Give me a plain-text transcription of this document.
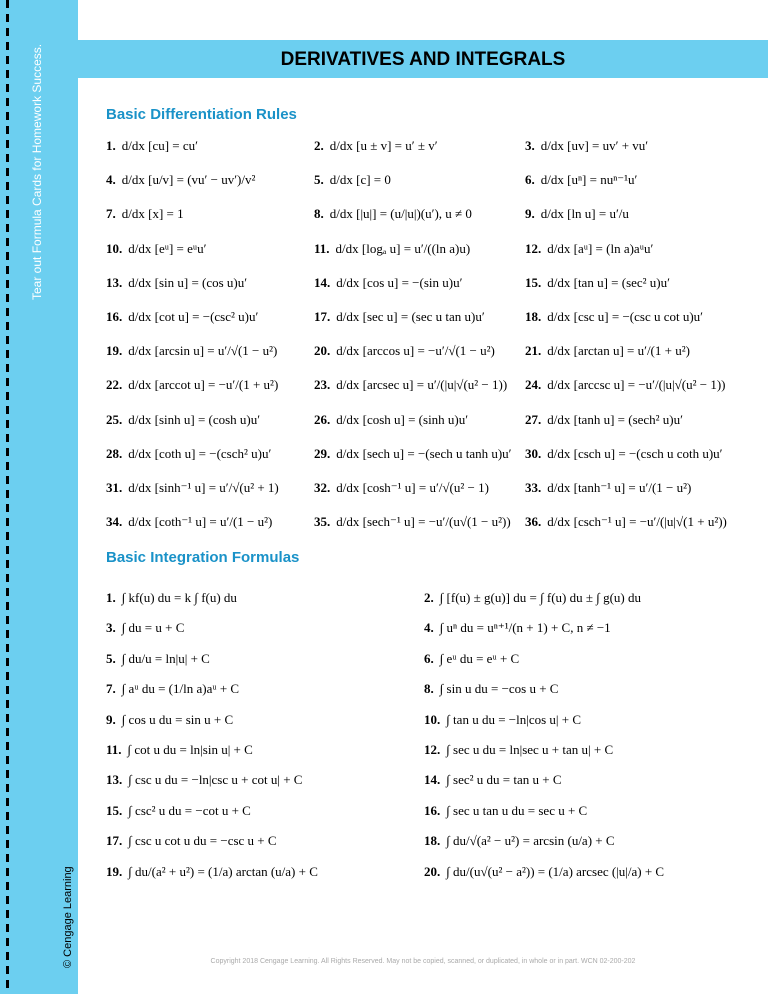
Tear out Formula Cards for Homework Success.	DERIVATIVES AND INTEGRALS
Basic Differentiation Rules
1. d/dx [cu] = cu′	2. d/dx [u ± v] = u′ ± v′	3. d/dx [uv] = uv′ + vu′
4. d/dx [u/v] = (vu′ − uv′)/v²	5. d/dx [c] = 0	6. d/dx [uⁿ] = nuⁿ⁻¹u′
7. d/dx [x] = 1	8. d/dx [|u|] = (u/|u|)(u′), u ≠ 0	9. d/dx [ln u] = u′/u
10. d/dx [eᵘ] = eᵘu′	11. d/dx [logₐ u] = u′/((ln a)u)	12. d/dx [aᵘ] = (ln a)aᵘu′
13. d/dx [sin u] = (cos u)u′	14. d/dx [cos u] = −(sin u)u′	15. d/dx [tan u] = (sec² u)u′
16. d/dx [cot u] = −(csc² u)u′	17. d/dx [sec u] = (sec u tan u)u′	18. d/dx [csc u] = −(csc u cot u)u′
19. d/dx [arcsin u] = u′/√(1 − u²)	20. d/dx [arccos u] = −u′/√(1 − u²) 21. d/dx [arctan u] = u′/(1 + u²)
22. d/dx [arccot u] = −u′/(1 + u²)	23. d/dx [arcsec u] = u′/(|u|√(u² − 1)) 24. d/dx [arccsc u] = −u′/(|u|√(u² − 1))
25. d/dx [sinh u] = (cosh u)u′	26. d/dx [cosh u] = (sinh u)u′	27. d/dx [tanh u] = (sech² u)u′
28. d/dx [coth u] = −(csch² u)u′	29. d/dx [sech u] = −(sech u tanh u)u′ 30. d/dx [csch u] = −(csch u coth u)u′
31. d/dx [sinh⁻¹ u] = u′/√(u² + 1)	32. d/dx [cosh⁻¹ u] = u′/√(u² − 1)	33. d/dx [tanh⁻¹ u] = u′/(1 − u²)
34. d/dx [coth⁻¹ u] = u′/(1 − u²)	35. d/dx [sech⁻¹ u] = −u′/(u√(1 − u²)) 36. d/dx [csch⁻¹ u] = −u′/(|u|√(1 + u²))
Basic Integration Formulas
1. ∫ kf(u) du = k ∫ f(u) du	2. ∫ [f(u) ± g(u)] du = ∫ f(u) du ± ∫ g(u) du
3. ∫ du = u + C	4. ∫ uⁿ du = uⁿ⁺¹/(n + 1) + C, n ≠ −1
5. ∫ du/u = ln|u| + C	6. ∫ eᵘ du = eᵘ + C
7. ∫ aᵘ du = (1/ln a)aᵘ + C	8. ∫ sin u du = −cos u + C
9. ∫ cos u du = sin u + C	10. ∫ tan u du = −ln|cos u| + C
11. ∫ cot u du = ln|sin u| + C	12. ∫ sec u du = ln|sec u + tan u| + C
13. ∫ csc u du = −ln|csc u + cot u| + C	14. ∫ sec² u du = tan u + C
15. ∫ csc² u du = −cot u + C	16. ∫ sec u tan u du = sec u + C
17. ∫ csc u cot u du = −csc u + C	18. ∫ du/√(a² − u²) = arcsin (u/a) + C
19. ∫ du/(a² + u²) = (1/a) arctan (u/a) + C	20. ∫ du/(u√(u² − a²)) = (1/a) arcsec (|u|/a) + C
© Cengage Learning	Copyright 2018 Cengage Learning. All Rights Reserved. May not be copied, scanned, or duplicated, in whole or in part. WCN 02-200-202
